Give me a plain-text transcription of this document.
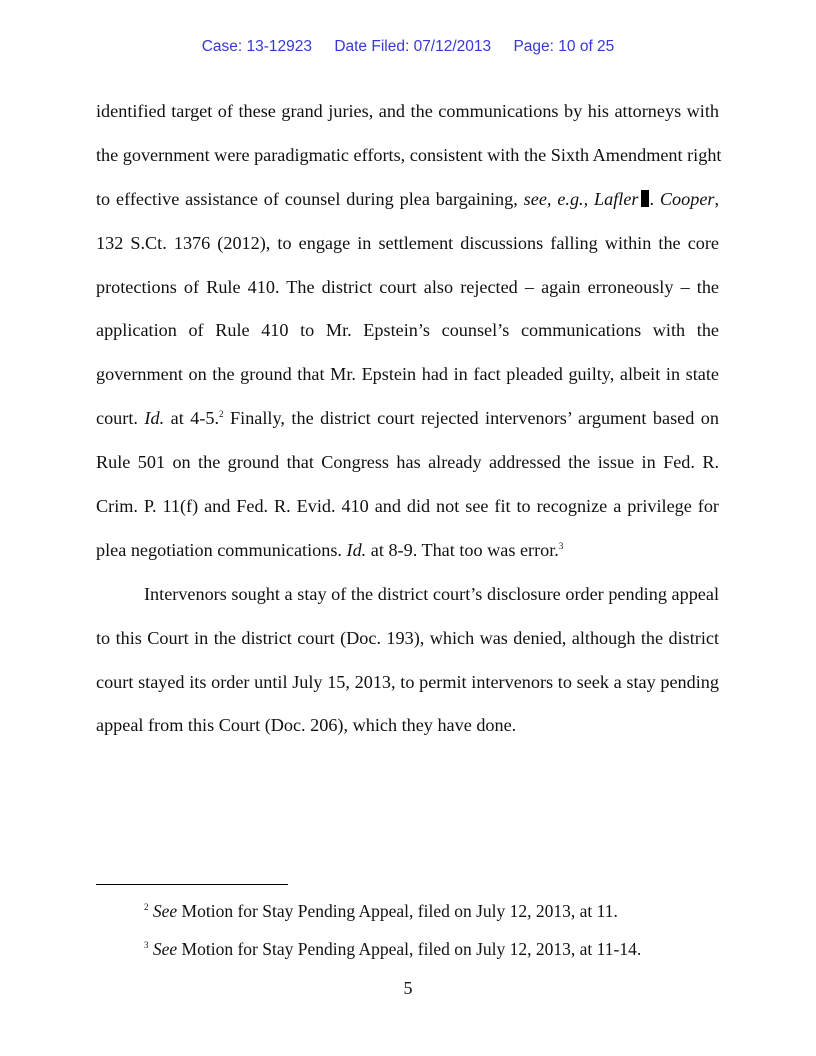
Case: 13-12923 Date Filed: 07/12/2013 Page: 10 of 25
identified target of these grand juries, and the communications by his attorneys with
the government were paradigmatic efforts, consistent with the Sixth Amendment right
to effective assistance of counsel during plea bargaining, see, e.g., Lafler . Cooper,
132 S.Ct. 1376 (2012), to engage in settlement discussions falling within the core
protections of Rule 410. The district court also rejected – again erroneously – the
application of Rule 410 to Mr. Epstein’s counsel’s communications with the
government on the ground that Mr. Epstein had in fact pleaded guilty, albeit in state
court. Id. at 4-5.$^2$ Finally, the district court rejected intervenors’ argument based on
Rule 501 on the ground that Congress has already addressed the issue in Fed. R.
Crim. P. 11(f) and Fed. R. Evid. 410 and did not see fit to recognize a privilege for
plea negotiation communications. Id. at 8-9. That too was error.$^3$
Intervenors sought a stay of the district court’s disclosure order pending appeal
to this Court in the district court (Doc. 193), which was denied, although the district
court stayed its order until July 15, 2013, to permit intervenors to seek a stay pending
appeal from this Court (Doc. 206), which they have done.
$^2$ See Motion for Stay Pending Appeal, filed on July 12, 2013, at 11.
$^3$ See Motion for Stay Pending Appeal, filed on July 12, 2013, at 11-14.
5
